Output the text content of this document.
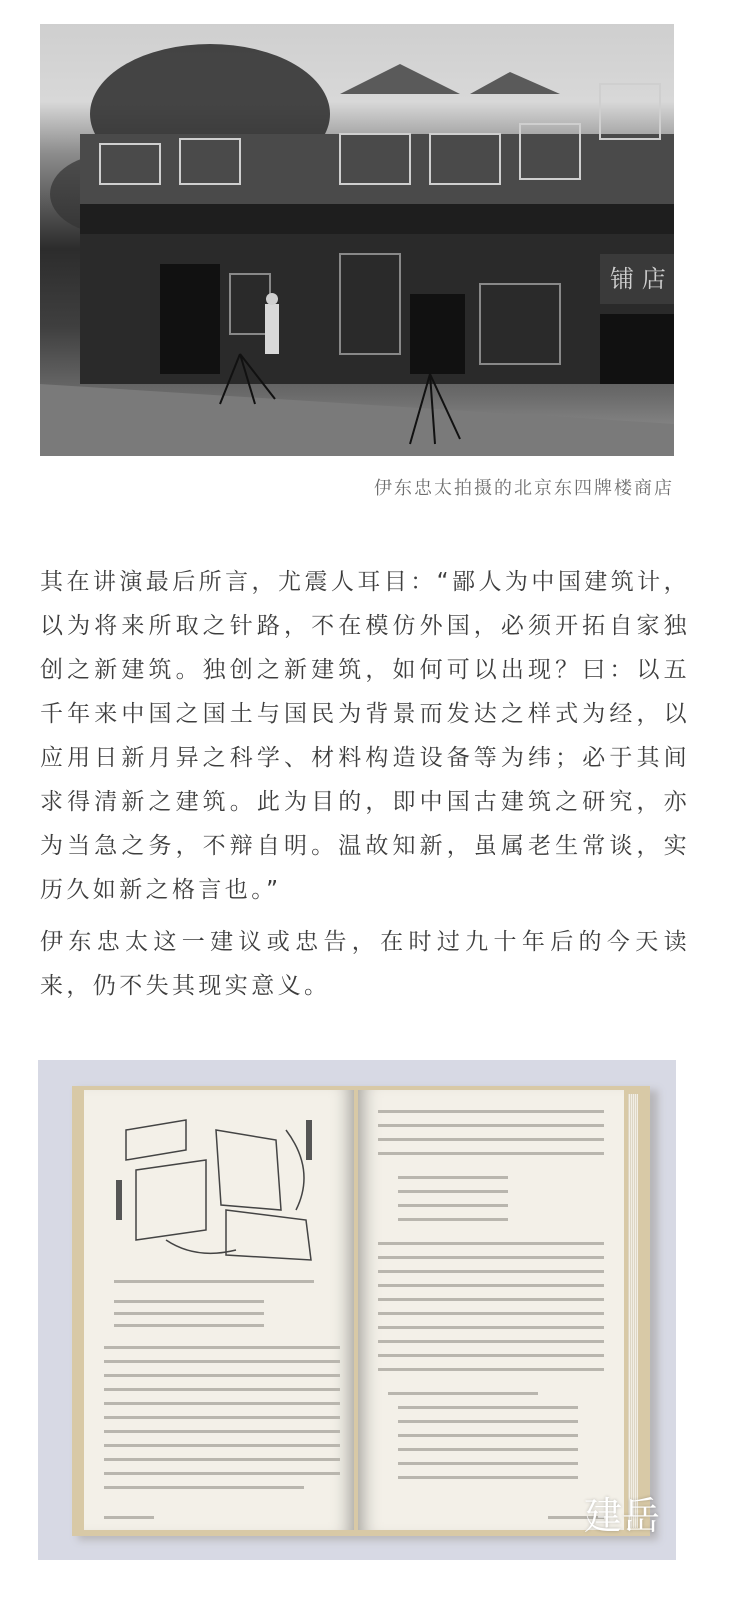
铺 店
伊东忠太拍摄的北京东四牌楼商店

其在讲演最后所言，尤震人耳目：“鄙人为中国建筑计，以为将来所取之针路，不在模仿外国，必须开拓自家独创之新建筑。独创之新建筑，如何可以出现？曰：以五千年来中国之国土与国民为背景而发达之样式为经，以应用日新月异之科学、材料构造设备等为纬；必于其间求得清新之建筑。此为目的，即中国古建筑之研究，亦为当急之务，不辩自明。温故知新，虽属老生常谈，实历久如新之格言也。”

伊东忠太这一建议或忠告，在时过九十年后的今天读来，仍不失其现实意义。

建岳
